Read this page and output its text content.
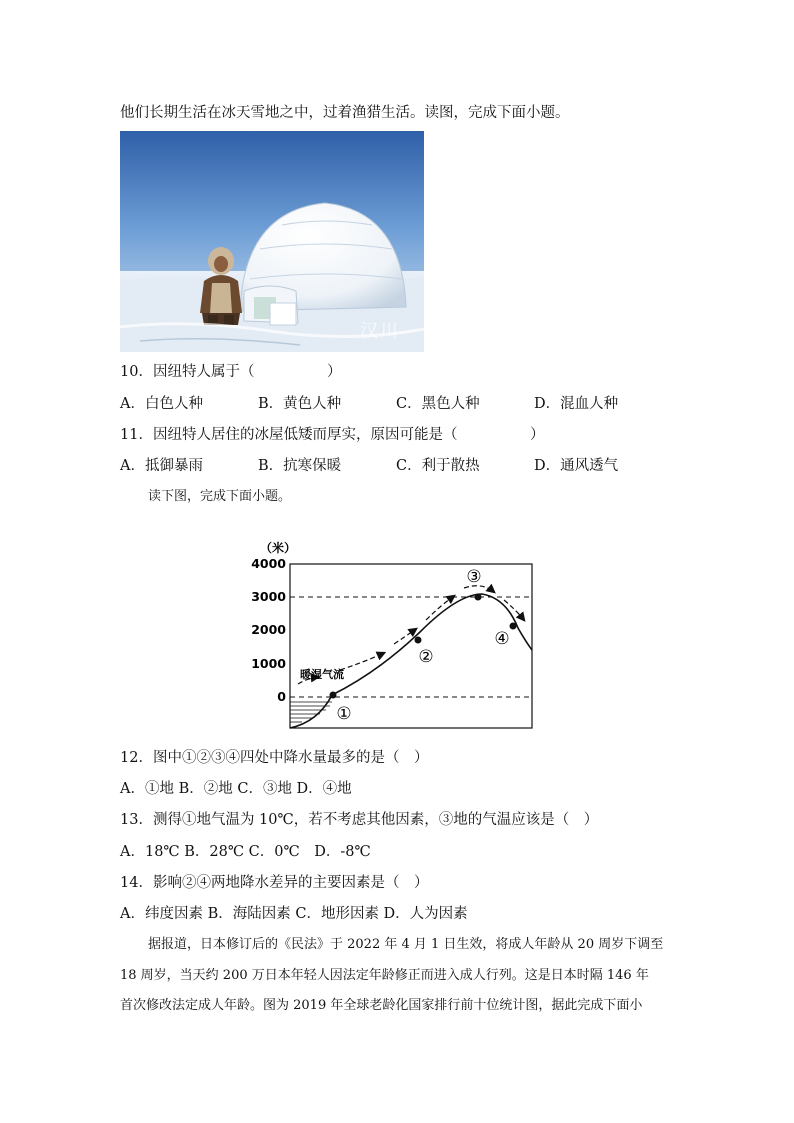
他们长期生活在冰天雪地之中，过着渔猎生活。读图，完成下面小题。
汉川
10．因纽特人属于（　　　　　）
A．白色人种	B．黄色人种	C．黑色人种	D．混血人种
11．因纽特人居住的冰屋低矮而厚实，原因可能是（　　　　　）
A．抵御暴雨	B．抗寒保暖	C．利于散热	D．通风透气
读下图，完成下面小题。
（米）
4000
3000
2000
1000
0
暖湿气流
①
②
③
④
12．图中①②③④四处中降水量最多的是（　）
A．①地 B．②地 C．③地 D．④地
13．测得①地气温为 10℃，若不考虑其他因素，③地的气温应该是（　）
A．18℃ B．28℃ C．0℃　D．-8℃
14．影响②④两地降水差异的主要因素是（　）
A．纬度因素 B．海陆因素 C．地形因素 D．人为因素
据报道，日本修订后的《民法》于 2022 年 4 月 1 日生效，将成人年龄从 20 周岁下调至
18 周岁，当天约 200 万日本年轻人因法定年龄修正而进入成人行列。这是日本时隔 146 年
首次修改法定成人年龄。图为 2019 年全球老龄化国家排行前十位统计图，据此完成下面小
